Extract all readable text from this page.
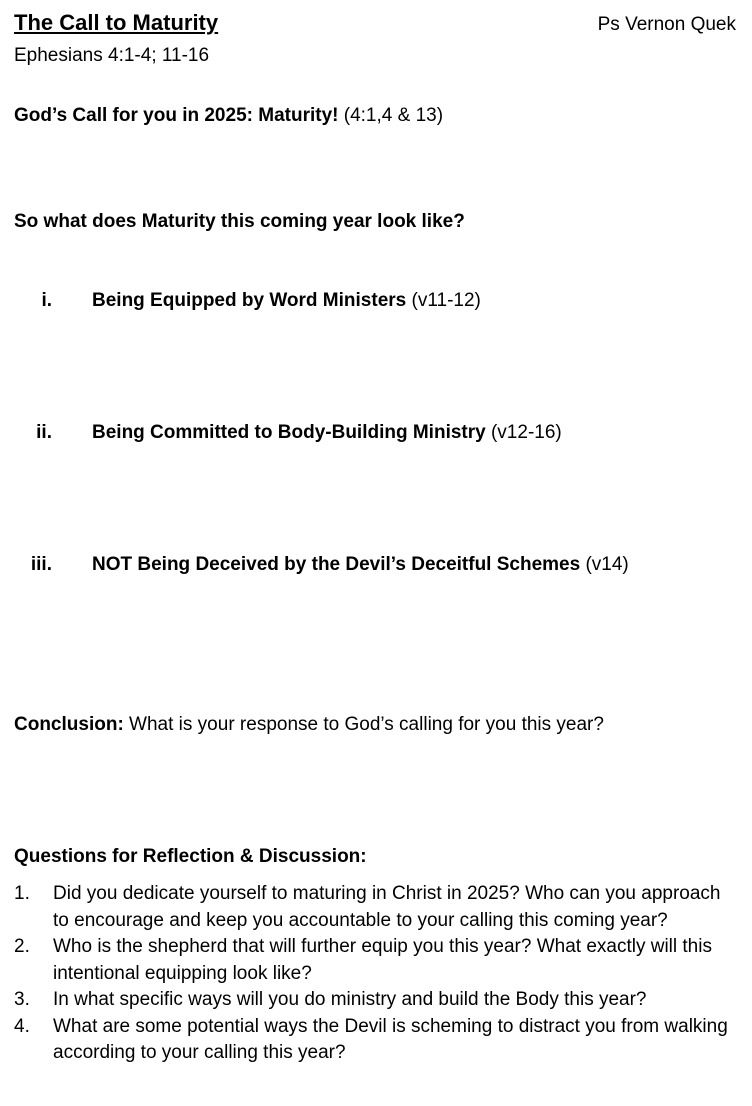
The Call to Maturity	Ps Vernon Quek
Ephesians 4:1-4; 11-16
God’s Call for you in 2025: Maturity! (4:1,4 & 13)
So what does Maturity this coming year look like?
i. Being Equipped by Word Ministers (v11-12)
ii. Being Committed to Body-Building Ministry (v12-16)
iii. NOT Being Deceived by the Devil’s Deceitful Schemes (v14)
Conclusion: What is your response to God’s calling for you this year?
Questions for Reflection & Discussion:
1. Did you dedicate yourself to maturing in Christ in 2025? Who can you approach to encourage and keep you accountable to your calling this coming year?
2. Who is the shepherd that will further equip you this year? What exactly will this intentional equipping look like?
3. In what specific ways will you do ministry and build the Body this year?
4. What are some potential ways the Devil is scheming to distract you from walking according to your calling this year?
